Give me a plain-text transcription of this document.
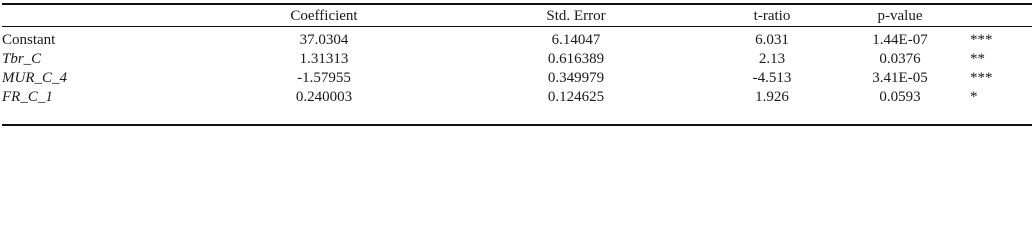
	Coefficient	Std. Error	t-ratio	p-value	
Constant	37.0304	6.14047	6.031	1.44E-07	***
Tbr_C	1.31313	0.616389	2.13	0.0376	**
MUR_C_4	-1.57955	0.349979	-4.513	3.41E-05	***
FR_C_1	0.240003	0.124625	1.926	0.0593	*
